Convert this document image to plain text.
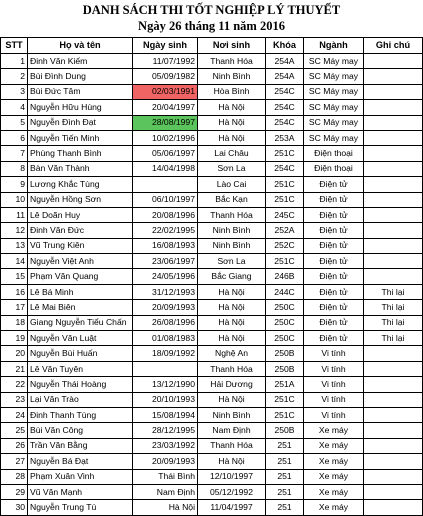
DANH SÁCH THI TỐT NGHIỆP LÝ THUYẾT
Ngày 26 tháng 11 năm 2016
STT	Họ và tên	Ngày sinh	Nơi sinh	Khóa	Ngành	Ghi chú
1	Đinh Văn Kiếm	11/07/1992	Thanh Hóa	254A	SC Máy may	
2	Bùi Đình Dung	05/09/1982	Ninh Bình	254A	SC Máy may	
3	Bùi Đức Tâm	02/03/1991	Hòa Bình	254C	SC Máy may	
4	Nguyễn Hữu Hùng	20/04/1997	Hà Nội	254C	SC Máy may	
5	Nguyễn Đình Đạt	28/08/1997	Hà Nội	254C	SC Máy may	
6	Nguyễn Tiến Minh	10/02/1996	Hà Nội	253A	SC Máy may	
7	Phùng Thanh Bình	05/06/1997	Lai Châu	251C	Điện thoại	
8	Bàn Văn Thành	14/04/1998	Sơn La	254C	Điện thoại	
9	Lương Khắc Tùng		Lào Cai	251C	Điện tử	
10	Nguyễn Hồng Sơn	06/10/1997	Bắc Kạn	251C	Điện tử	
11	Lê Doãn Huy	20/08/1996	Thanh Hóa	245C	Điện tử	
12	Đinh Văn Đức	22/02/1995	Ninh Bình	252A	Điện tử	
13	Vũ Trung Kiên	16/08/1993	Ninh Bình	252C	Điện tử	
14	Nguyễn Việt Anh	23/06/1997	Sơn La	251C	Điện tử	
15	Phạm Văn Quang	24/05/1996	Bắc Giang	246B	Điện tử	
16	Lê Bá Minh	31/12/1993	Hà Nội	244C	Điện tử	Thi lại
17	Lê Mai Biên	20/09/1993	Hà Nội	250C	Điện tử	Thi lại
18	Giang Nguyễn Tiểu Chấn	26/08/1996	Hà Nội	250C	Điện tử	Thi lại
19	Nguyễn Văn Luật	01/08/1983	Hà Nội	250C	Điện tử	Thi lại
20	Nguyễn Bùi Huấn	18/09/1992	Nghệ An	250B	Vi tính	
21	Lê Văn Tuyên		Thanh Hóa	250B	Vi tính	
22	Nguyễn Thái Hoàng	13/12/1990	Hải Dương	251A	Vi tính	
23	Lại Văn Trào	20/10/1993	Hà Nội	251C	Vi tính	
24	Đinh Thanh Tùng	15/08/1994	Ninh Bình	251C	Vi tính	
25	Bùi Văn Công	28/12/1995	Nam Định	250B	Xe máy	
26	Trần Văn Bằng	23/03/1992	Thanh Hóa	251	Xe máy	
27	Nguyễn Bá Đạt	20/09/1993	Hà Nội	251	Xe máy	
28	Phạm Xuân Vinh	Thái Bình	12/10/1997	251	Xe máy	
29	Vũ Văn Mạnh	Nam Định	05/12/1992	251	Xe máy	
30	Nguyễn Trung Tú	Hà Nội	11/04/1997	251	Xe máy	
